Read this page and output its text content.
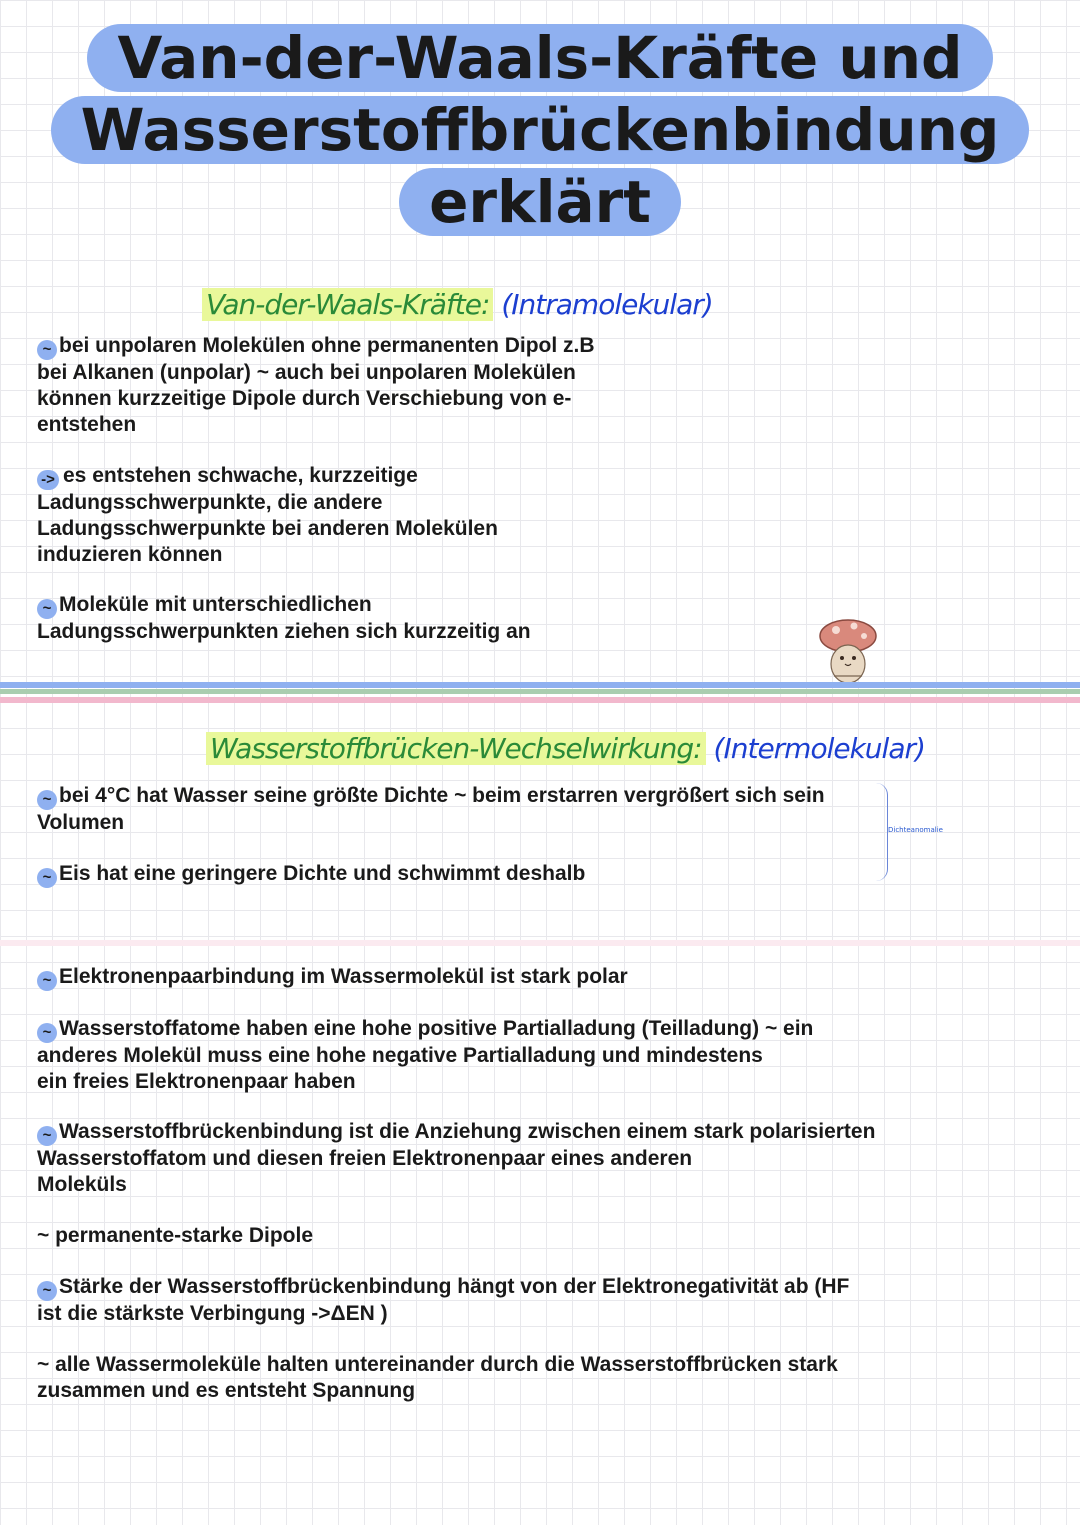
Van-der-Waals-Kräfte und
Wasserstoffbrückenbindung
erklärt
Van-der-Waals-Kräfte: (Intramolekular)
~ bei unpolaren Molekülen ohne permanenten Dipol z.B
bei Alkanen (unpolar) ~ auch bei unpolaren Molekülen
können kurzzeitige Dipole durch Verschiebung von e-
entstehen
-> es entstehen schwache, kurzzeitige
Ladungsschwerpunkte, die andere
Ladungsschwerpunkte bei anderen Molekülen
induzieren können
~ Moleküle mit unterschiedlichen
Ladungsschwerpunkten ziehen sich kurzzeitig an
Wasserstoffbrücken-Wechselwirkung: (Intermolekular)
~ bei 4°C hat Wasser seine größte Dichte ~ beim erstarren vergrößert sich sein
Volumen
~ Eis hat eine geringere Dichte und schwimmt deshalb
Dichteanomalie
~ Elektronenpaarbindung im Wassermolekül ist stark polar
~ Wasserstoffatome haben eine hohe positive Partialladung (Teilladung) ~ ein
anderes Molekül muss eine hohe negative Partialladung und mindestens
ein freies Elektronenpaar haben
~ Wasserstoffbrückenbindung ist die Anziehung zwischen einem stark polarisierten
Wasserstoffatom und diesen freien Elektronenpaar eines anderen
Moleküls
~ permanente-starke Dipole
~ Stärke der Wasserstoffbrückenbindung hängt von der Elektronegativität ab (HF
ist die stärkste Verbingung ->ΔEN )
~ alle Wassermoleküle halten untereinander durch die Wasserstoffbrücken stark
zusammen und es entsteht Spannung
